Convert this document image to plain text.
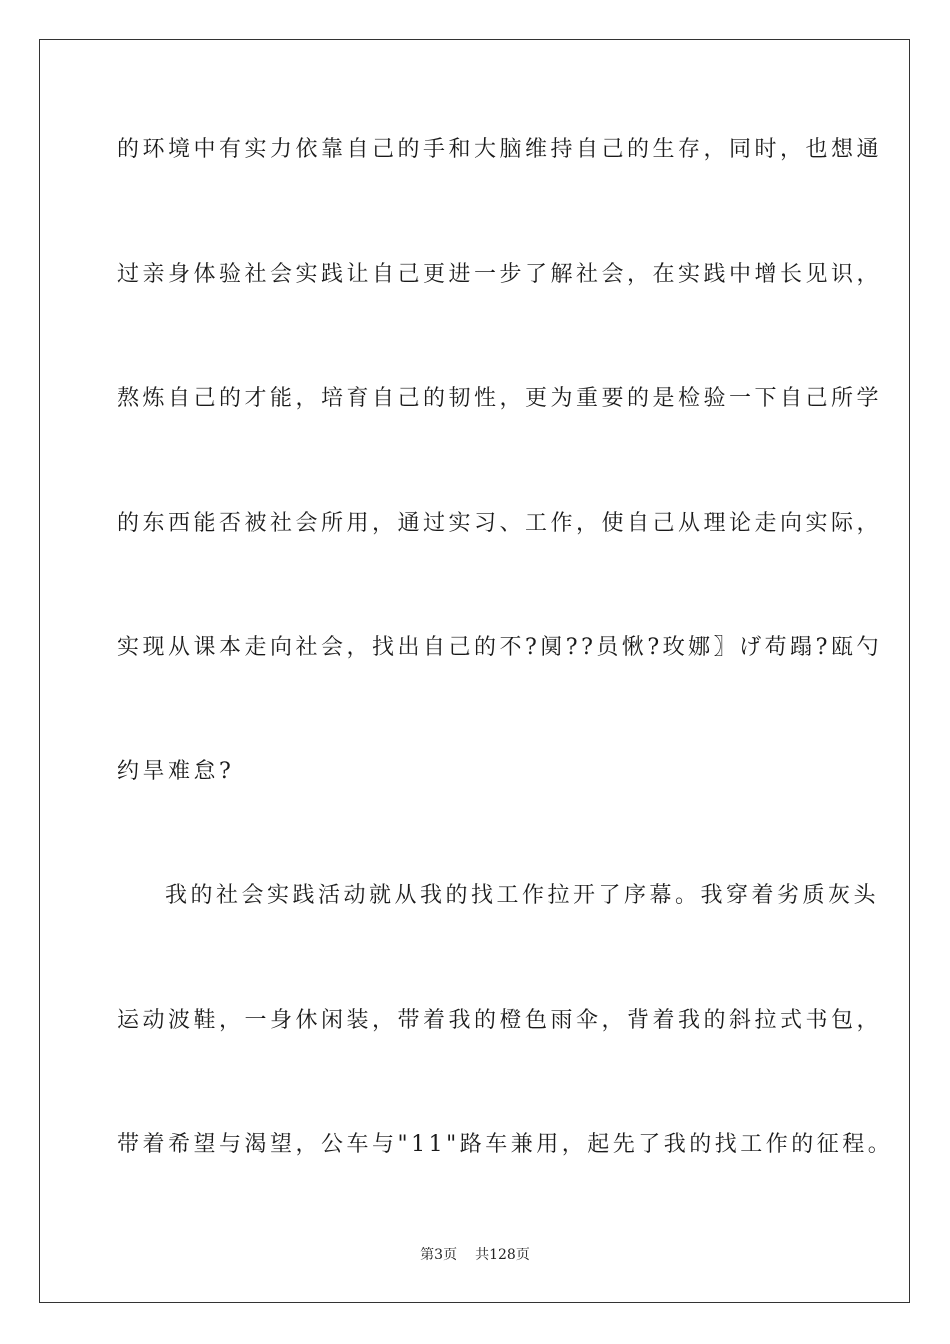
的环境中有实力依靠自己的手和大脑维持自己的生存，同时，也想通
过亲身体验社会实践让自己更进一步了解社会，在实践中增长见识，
熬炼自己的才能，培育自己的韧性，更为重要的是检验一下自己所学
的东西能否被社会所用，通过实习、工作，使自己从理论走向实际，
实现从课本走向社会，找出自己的不?阒??员愀?玫娜〗げ苟蹋?瓯勺
约旱难怠?
我的社会实践活动就从我的找工作拉开了序幕。我穿着劣质灰头
运动波鞋，一身休闲装，带着我的橙色雨伞，背着我的斜拉式书包，
带着希望与渴望，公车与"11"路车兼用，起先了我的找工作的征程。
第3页 共128页
